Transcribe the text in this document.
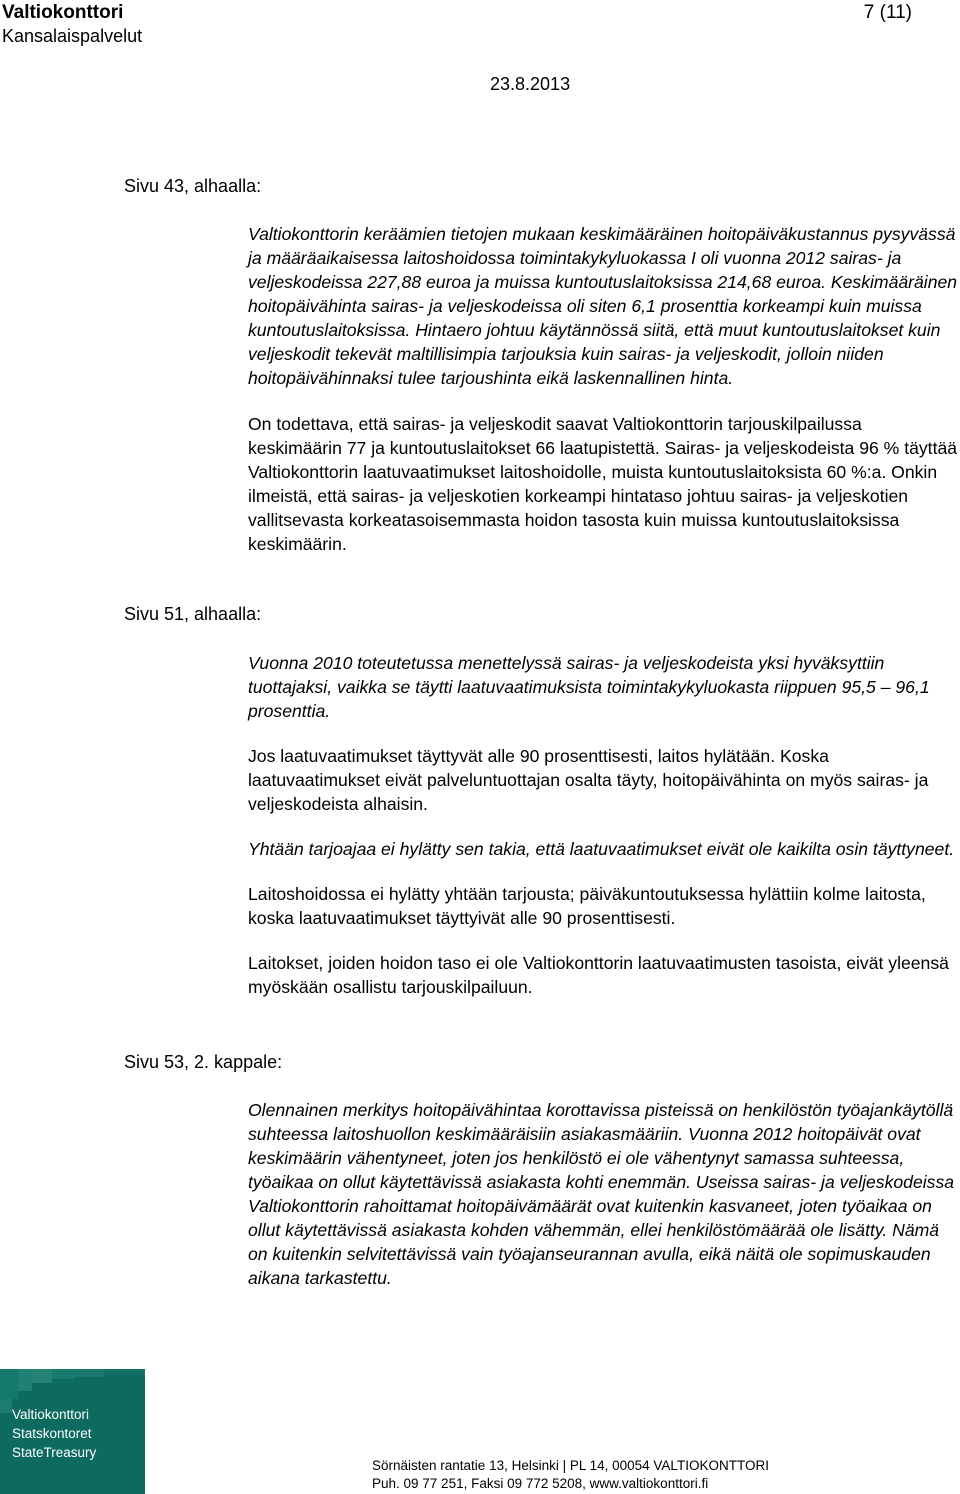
Valtiokonttori
Kansalaispalvelut
7 (11)
23.8.2013
Sivu 43, alhaalla:

Valtiokonttorin keräämien tietojen mukaan keskimääräinen hoitopäiväkustannus pysyvässä ja määräaikaisessa laitoshoidossa toimintakykyluokassa I oli vuonna 2012 sairas- ja veljeskodeissa 227,88 euroa ja muissa kuntoutuslaitoksissa 214,68 euroa. Keskimääräinen hoitopäivähinta sairas- ja veljeskodeissa oli siten 6,1 prosenttia korkeampi kuin muissa kuntoutuslaitoksissa. Hintaero johtuu käytännössä siitä, että muut kuntoutuslaitokset kuin veljeskodit tekevät maltillisimpia tarjouksia kuin sairas- ja veljeskodit, jolloin niiden hoitopäivähinnaksi tulee tarjoushinta eikä laskennallinen hinta.

On todettava, että sairas- ja veljeskodit saavat Valtiokonttorin tarjouskilpailussa keskimäärin 77 ja kuntoutuslaitokset 66 laatupistettä. Sairas- ja veljeskodeista 96 % täyttää Valtiokonttorin laatuvaatimukset laitoshoidolle, muista kuntoutuslaitoksista 60 %:a. Onkin ilmeistä, että sairas- ja veljeskotien korkeampi hintataso johtuu sairas- ja veljeskotien vallitsevasta korkeatasoisemmasta hoidon tasosta kuin muissa kuntoutuslaitoksissa keskimäärin.

Sivu 51, alhaalla:

Vuonna 2010 toteutetussa menettelyssä sairas- ja veljeskodeista yksi hyväksyttiin tuottajaksi, vaikka se täytti laatuvaatimuksista toimintakykyluokasta riippuen 95,5 – 96,1 prosenttia.

Jos laatuvaatimukset täyttyvät alle 90 prosenttisesti, laitos hylätään. Koska laatuvaatimukset eivät palveluntuottajan osalta täyty, hoitopäivähinta on myös sairas- ja veljeskodeista alhaisin.

Yhtään tarjoajaa ei hylätty sen takia, että laatuvaatimukset eivät ole kaikilta osin täyttyneet.

Laitoshoidossa ei hylätty yhtään tarjousta; päiväkuntoutuksessa hylättiin kolme laitosta, koska laatuvaatimukset täyttyivät alle 90 prosenttisesti.

Laitokset, joiden hoidon taso ei ole Valtiokonttorin laatuvaatimusten tasoista, eivät yleensä myöskään osallistu tarjouskilpailuun.

Sivu 53, 2. kappale:

Olennainen merkitys hoitopäivähintaa korottavissa pisteissä on henkilöstön työajankäytöllä suhteessa laitoshuollon keskimääräisiin asiakasmääriin. Vuonna 2012 hoitopäivät ovat keskimäärin vähentyneet, joten jos henkilöstö ei ole vähentynyt samassa suhteessa, työaikaa on ollut käytettävissä asiakasta kohti enemmän. Useissa sairas- ja veljeskodeissa Valtiokonttorin rahoittamat hoitopäivämäärät ovat kuitenkin kasvaneet, joten työaikaa on ollut käytettävissä asiakasta kohden vähemmän, ellei henkilöstömäärää ole lisätty. Nämä on kuitenkin selvitettävissä vain työajanseurannan avulla, eikä näitä ole sopimuskauden aikana tarkastettu.

Valtiokonttori
Statskontoret
StateTreasury
Sörnäisten rantatie 13, Helsinki | PL 14, 00054 VALTIOKONTTORI
Puh. 09 77 251, Faksi 09 772 5208, www.valtiokonttori.fi
